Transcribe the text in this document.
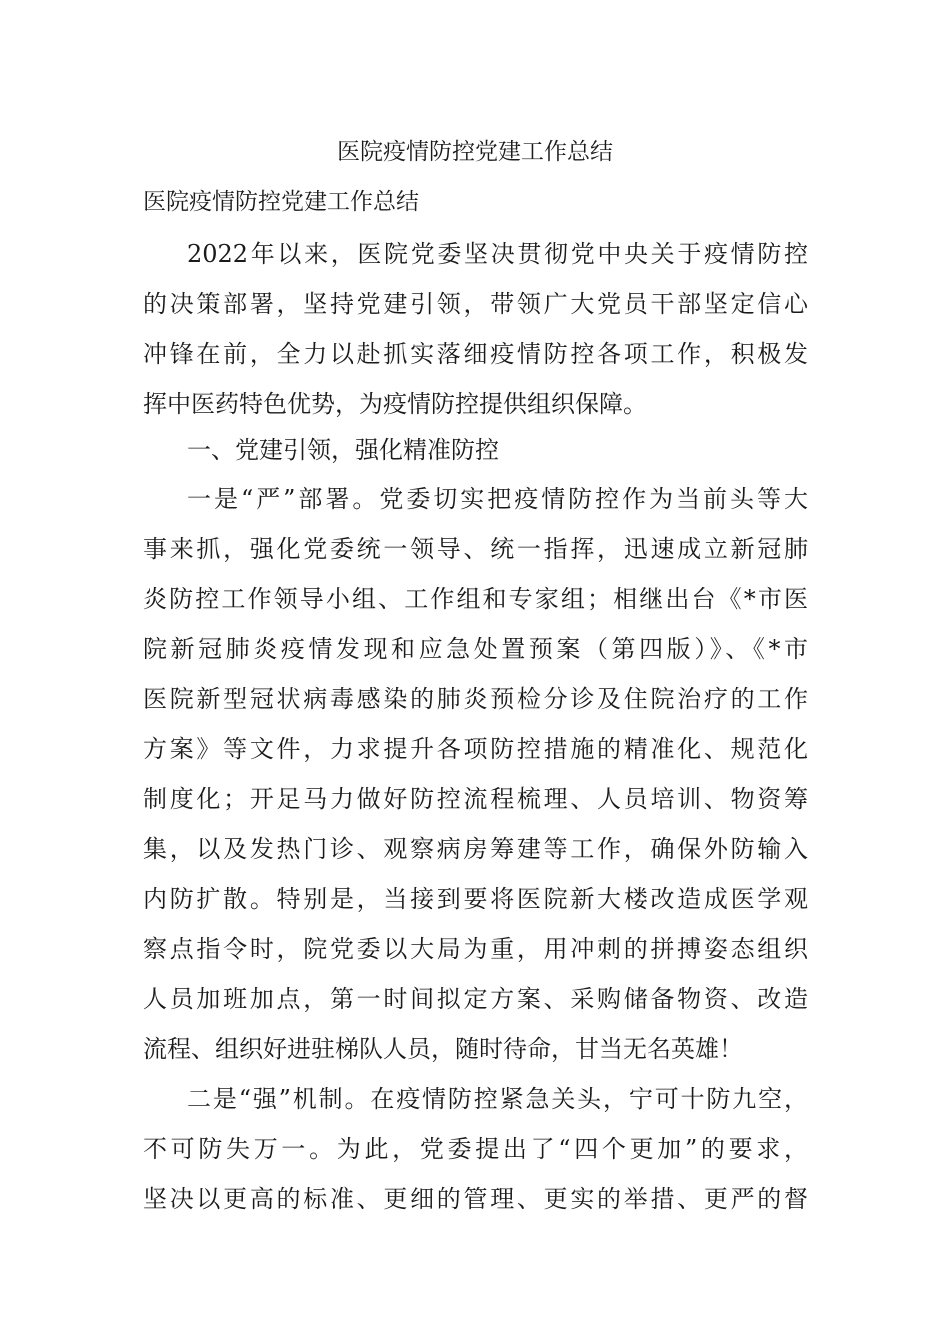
医院疫情防控党建工作总结
医院疫情防控党建工作总结
2022年以来，医院党委坚决贯彻党中央关于疫情防控
的决策部署，坚持党建引领，带领广大党员干部坚定信心
冲锋在前，全力以赴抓实落细疫情防控各项工作，积极发
挥中医药特色优势，为疫情防控提供组织保障。
一、党建引领，强化精准防控
一是“严”部署。党委切实把疫情防控作为当前头等大
事来抓，强化党委统一领导、统一指挥，迅速成立新冠肺
炎防控工作领导小组、工作组和专家组；相继出台《*市医
院新冠肺炎疫情发现和应急处置预案（第四版）》、《*市
医院新型冠状病毒感染的肺炎预检分诊及住院治疗的工作
方案》等文件，力求提升各项防控措施的精准化、规范化
制度化；开足马力做好防控流程梳理、人员培训、物资筹
集，以及发热门诊、观察病房筹建等工作，确保外防输入
内防扩散。特别是，当接到要将医院新大楼改造成医学观
察点指令时，院党委以大局为重，用冲刺的拼搏姿态组织
人员加班加点，第一时间拟定方案、采购储备物资、改造
流程、组织好进驻梯队人员，随时待命，甘当无名英雄！
二是“强”机制。在疫情防控紧急关头，宁可十防九空，
不可防失万一。为此，党委提出了“四个更加”的要求，
坚决以更高的标准、更细的管理、更实的举措、更严的督
